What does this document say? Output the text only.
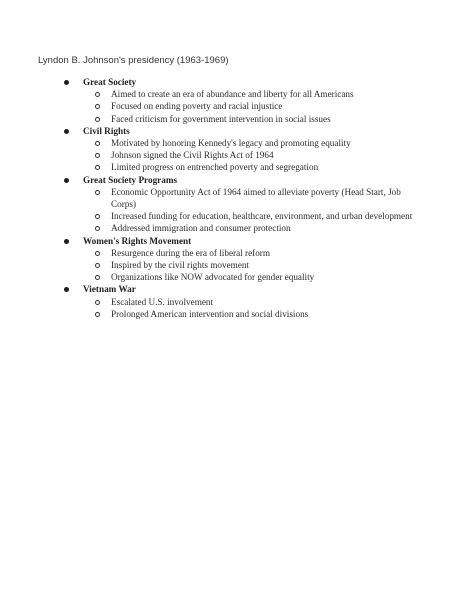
Lyndon B. Johnson's presidency (1963-1969)
Great Society
Aimed to create an era of abundance and liberty for all Americans
Focused on ending poverty and racial injustice
Faced criticism for government intervention in social issues
Civil Rights
Motivated by honoring Kennedy's legacy and promoting equality
Johnson signed the Civil Rights Act of 1964
Limited progress on entrenched poverty and segregation
Great Society Programs
Economic Opportunity Act of 1964 aimed to alleviate poverty (Head Start, Job Corps)
Increased funding for education, healthcare, environment, and urban development
Addressed immigration and consumer protection
Women's Rights Movement
Resurgence during the era of liberal reform
Inspired by the civil rights movement
Organizations like NOW advocated for gender equality
Vietnam War
Escalated U.S. involvement
Prolonged American intervention and social divisions
